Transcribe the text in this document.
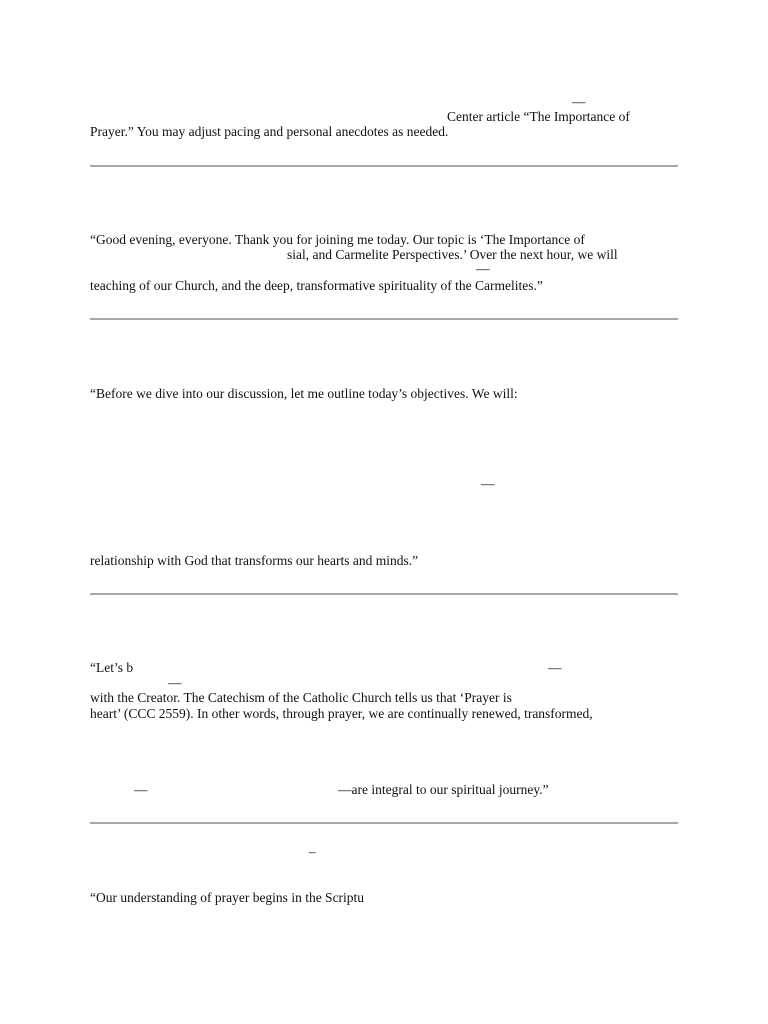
—
Center article “The Importance of
Prayer.” You may adjust pacing and personal anecdotes as needed.
“Good evening, everyone. Thank you for joining me today. Our topic is ‘The Importance of
sial, and Carmelite Perspectives.’ Over the next hour, we will
—
teaching of our Church, and the deep, transformative spirituality of the Carmelites.”
“Before we dive into our discussion, let me outline today’s objectives. We will:
—
relationship with God that transforms our hearts and minds.”
“Let’s b	—
—
with the Creator. The Catechism of the Catholic Church tells us that ‘Prayer is
heart’ (CCC 2559). In other words, through prayer, we are continually renewed, transformed,
—	—are integral to our spiritual journey.”
–
“Our understanding of prayer begins in the Scriptu
